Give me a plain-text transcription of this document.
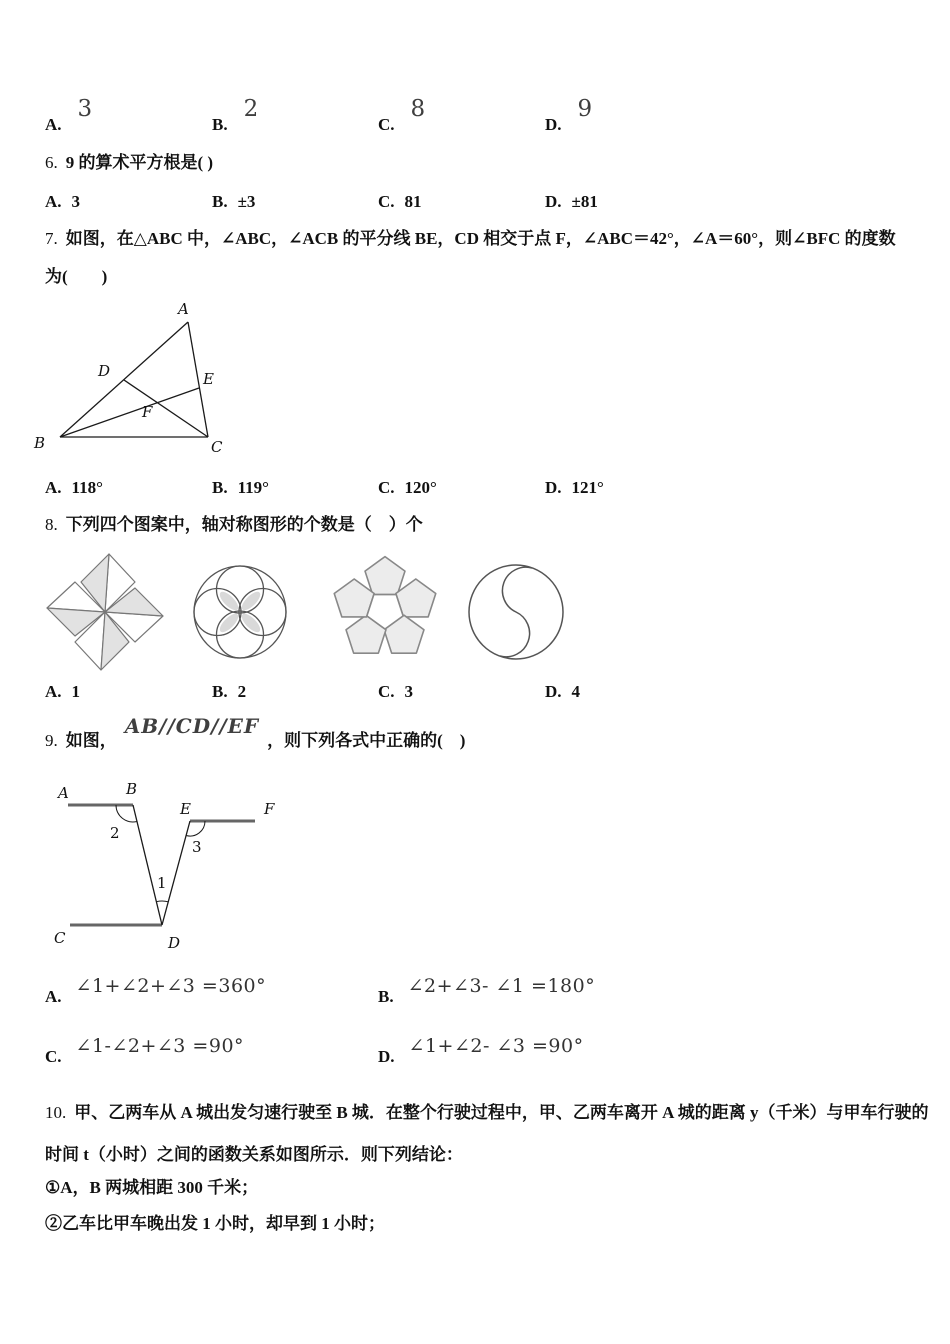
A.
3
B.
2
C.
8
D.
9
6. 9 的算术平方根是( )
A. 3	B. ±3	C. 81	D. ±81
7. 如图，在△ABC 中，∠ABC，∠ACB 的平分线 BE，CD 相交于点 F，∠ABC＝42°，∠A＝60°，则∠BFC 的度数
为(　　)
A
B	C
D	E
F
A. 118°	B. 119°	C. 120°	D. 121°
8. 下列四个图案中，轴对称图形的个数是（　）个
A. 1	B. 2	C. 3	D. 4
9. 如图，AB//CD//EF，则下列各式中正确的(　)
A	B
E	F
C	D
2
3
1
A. ∠1+∠2+∠3 =360°	B. ∠2+∠3- ∠1 =180°
C. ∠1-∠2+∠3 =90°	D. ∠1+∠2- ∠3 =90°
10. 甲、乙两车从 A 城出发匀速行驶至 B 城．在整个行驶过程中，甲、乙两车离开 A 城的距离 y（千米）与甲车行驶的
时间 t（小时）之间的函数关系如图所示．则下列结论：
①A，B 两城相距 300 千米；
②乙车比甲车晚出发 1 小时，却早到 1 小时；
